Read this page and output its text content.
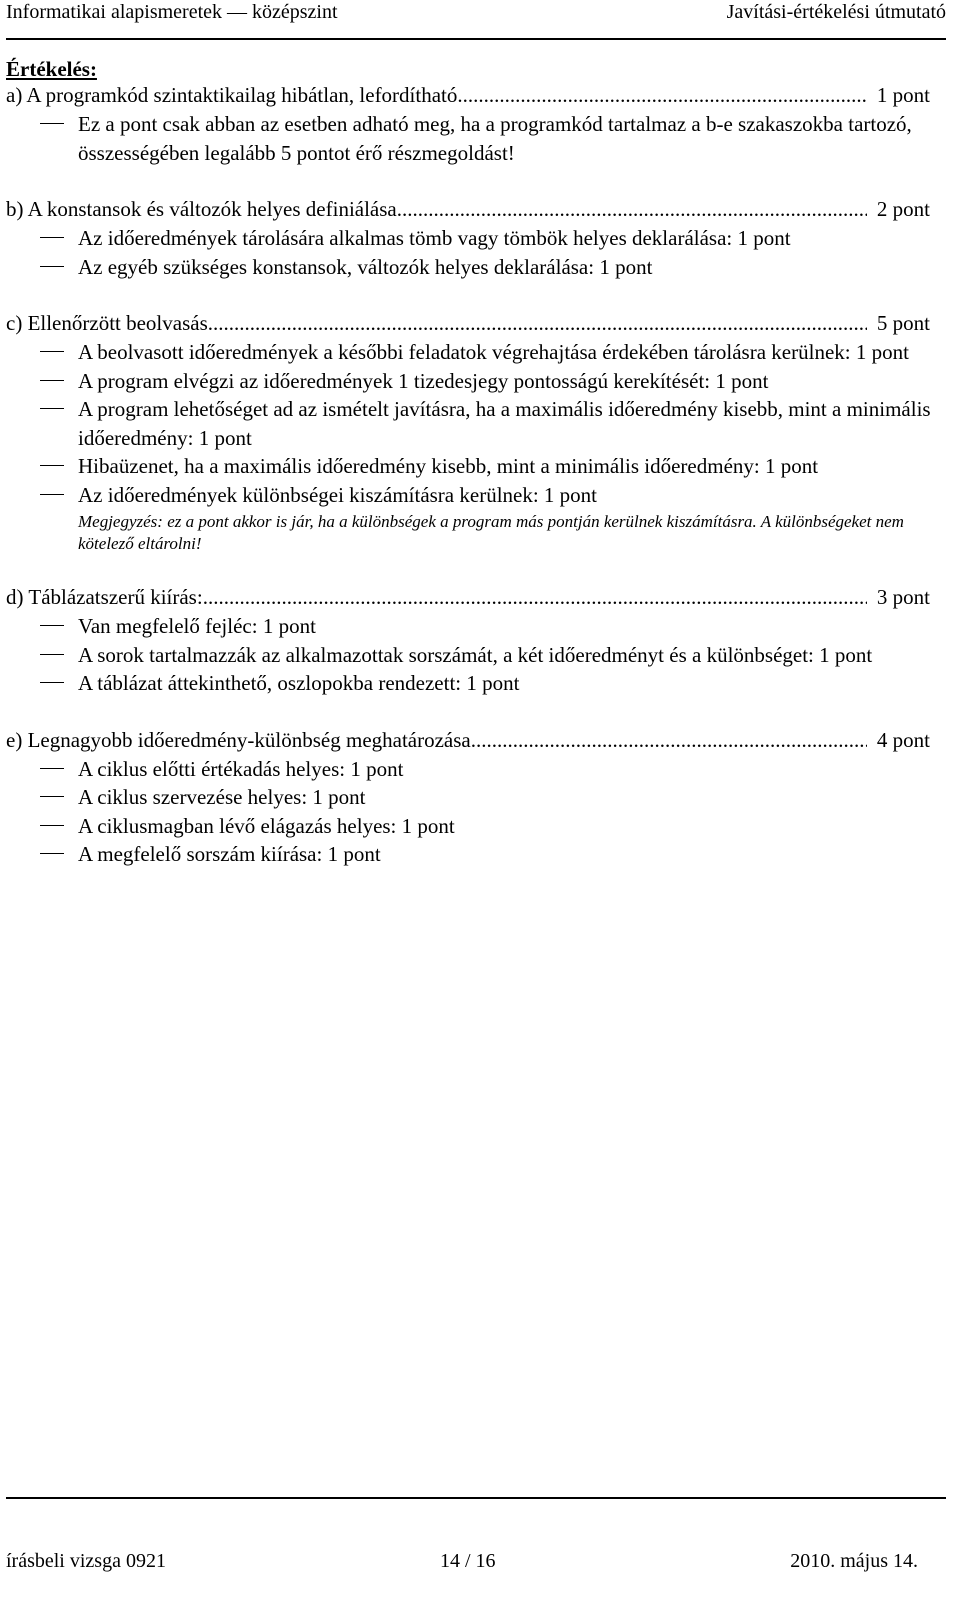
Informatikai alapismeretek — középszint	Javítási-értékelési útmutató
Értékelés:
a) A programkód szintaktikailag hibátlan, lefordítható .....	1 pont
Ez a pont csak abban az esetben adható meg, ha a programkód tartalmaz a b-e szakaszokba tartozó, összességében legalább 5 pontot érő részmegoldást!
b) A konstansok és változók helyes definiálása .....	2 pont
Az időeredmények tárolására alkalmas tömb vagy tömbök helyes deklarálása: 1 pont
Az egyéb szükséges konstansok, változók helyes deklarálása: 1 pont
c) Ellenőrzött beolvasás .....	5 pont
A beolvasott időeredmények a későbbi feladatok végrehajtása érdekében tárolásra kerülnek: 1 pont
A program elvégzi az időeredmények 1 tizedesjegy pontosságú kerekítését: 1 pont
A program lehetőséget ad az ismételt javításra, ha a maximális időeredmény kisebb, mint a minimális időeredmény: 1 pont
Hibaüzenet, ha a maximális időeredmény kisebb, mint a minimális időeredmény: 1 pont
Az időeredmények különbségei kiszámításra kerülnek: 1 pont
Megjegyzés: ez a pont akkor is jár, ha a különbségek a program más pontján kerülnek kiszámításra. A különbségeket nem kötelező eltárolni!
d) Táblázatszerű kiírás: .....	3 pont
Van megfelelő fejléc: 1 pont
A sorok tartalmazzák az alkalmazottak sorszámát, a két időeredményt és a különbséget: 1 pont
A táblázat áttekinthető, oszlopokba rendezett: 1 pont
e) Legnagyobb időeredmény-különbség meghatározása .....	4 pont
A ciklus előtti értékadás helyes: 1 pont
A ciklus szervezése helyes: 1 pont
A ciklusmagban lévő elágazás helyes: 1 pont
A megfelelő sorszám kiírása: 1 pont
írásbeli vizsga 0921	14 / 16	2010. május 14.
